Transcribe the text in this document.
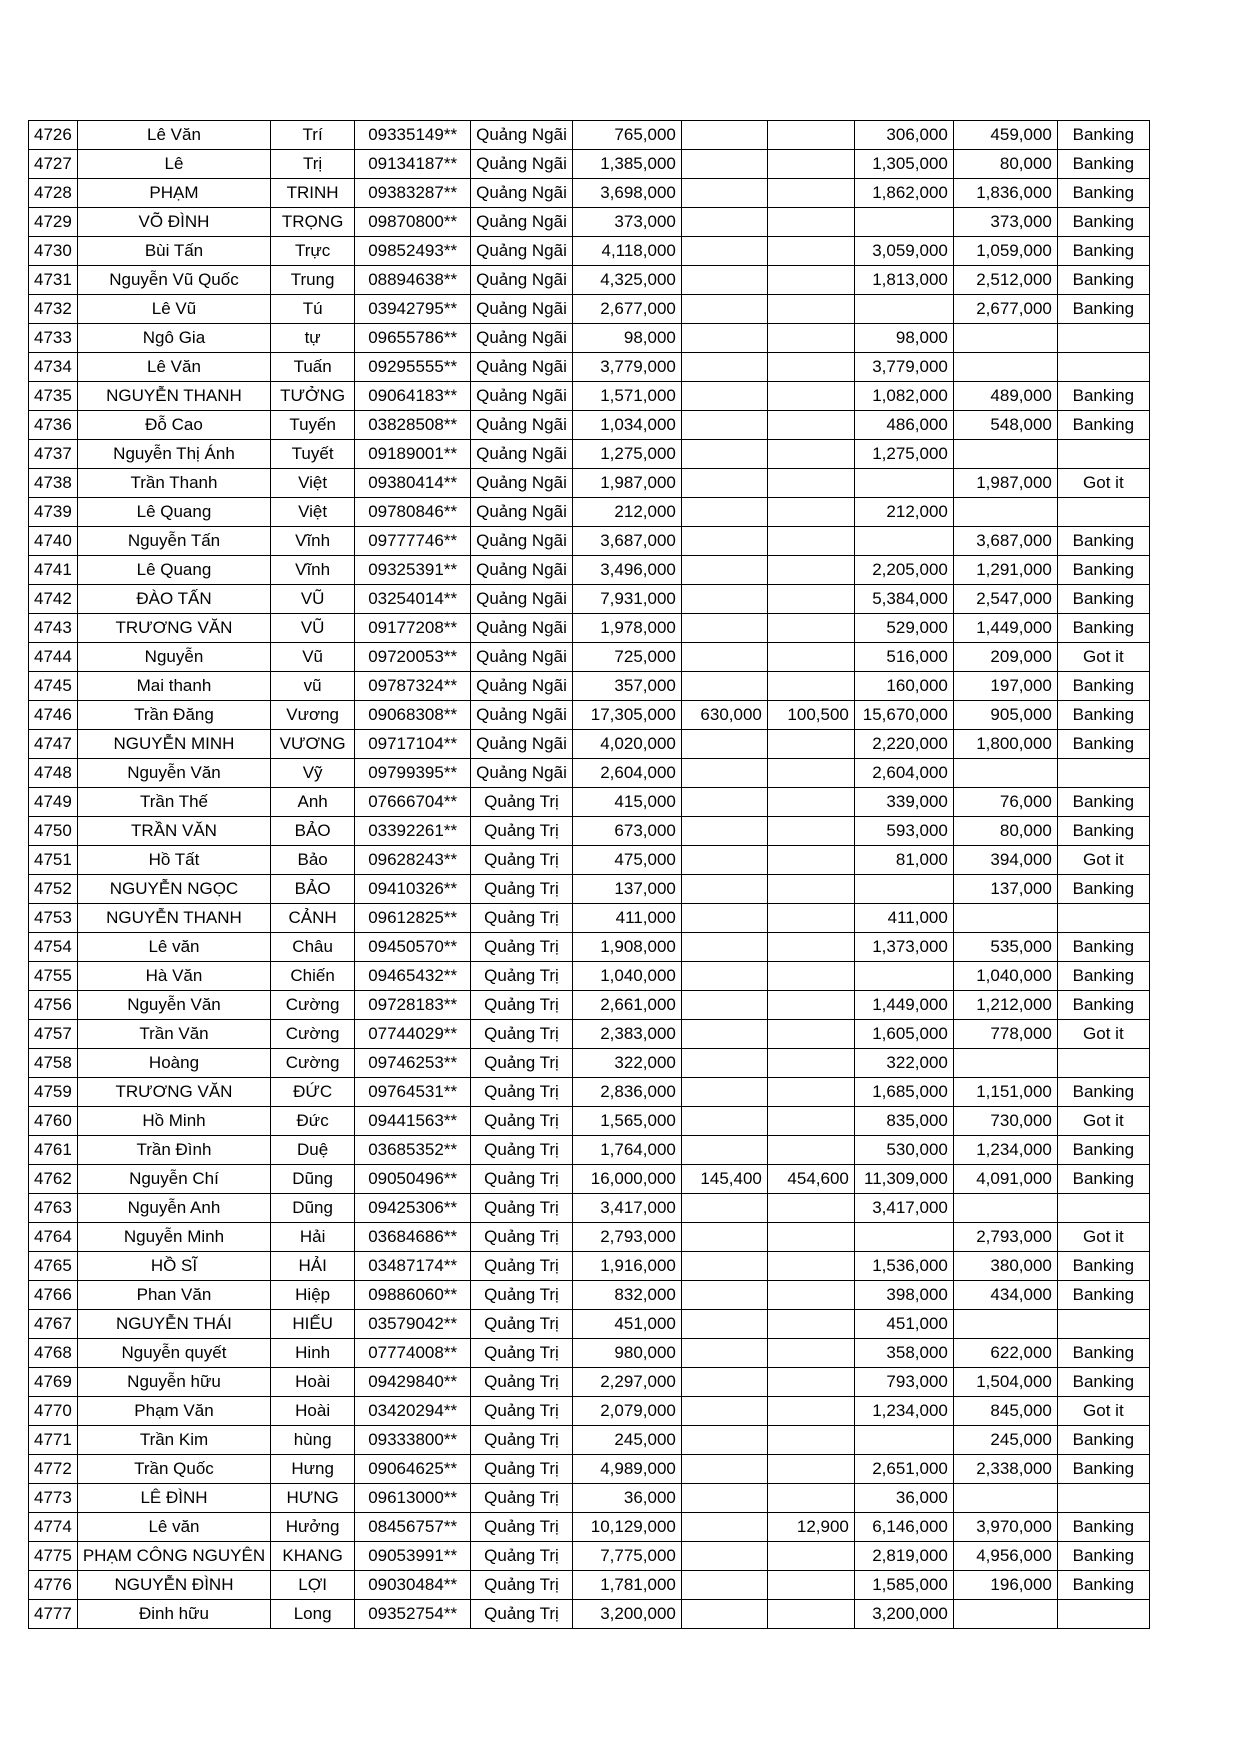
4726	Lê Văn	Trí	09335149**	Quảng Ngãi	765,000			306,000	459,000	Banking
4727	Lê	Trị	09134187**	Quảng Ngãi	1,385,000			1,305,000	80,000	Banking
4728	PHẠM	TRINH	09383287**	Quảng Ngãi	3,698,000			1,862,000	1,836,000	Banking
4729	VÕ ĐÌNH	TRỌNG	09870800**	Quảng Ngãi	373,000				373,000	Banking
4730	Bùi Tấn	Trực	09852493**	Quảng Ngãi	4,118,000			3,059,000	1,059,000	Banking
4731	Nguyễn Vũ Quốc	Trung	08894638**	Quảng Ngãi	4,325,000			1,813,000	2,512,000	Banking
4732	Lê Vũ	Tú	03942795**	Quảng Ngãi	2,677,000				2,677,000	Banking
4733	Ngô Gia	tự	09655786**	Quảng Ngãi	98,000			98,000		
4734	Lê Văn	Tuấn	09295555**	Quảng Ngãi	3,779,000			3,779,000		
4735	NGUYỄN THANH	TƯỞNG	09064183**	Quảng Ngãi	1,571,000			1,082,000	489,000	Banking
4736	Đỗ Cao	Tuyến	03828508**	Quảng Ngãi	1,034,000			486,000	548,000	Banking
4737	Nguyễn Thị Ánh	Tuyết	09189001**	Quảng Ngãi	1,275,000			1,275,000		
4738	Trần Thanh	Việt	09380414**	Quảng Ngãi	1,987,000				1,987,000	Got it
4739	Lê Quang	Việt	09780846**	Quảng Ngãi	212,000			212,000		
4740	Nguyễn Tấn	Vĩnh	09777746**	Quảng Ngãi	3,687,000				3,687,000	Banking
4741	Lê Quang	Vĩnh	09325391**	Quảng Ngãi	3,496,000			2,205,000	1,291,000	Banking
4742	ĐÀO TẤN	VŨ	03254014**	Quảng Ngãi	7,931,000			5,384,000	2,547,000	Banking
4743	TRƯƠNG VĂN	VŨ	09177208**	Quảng Ngãi	1,978,000			529,000	1,449,000	Banking
4744	Nguyễn	Vũ	09720053**	Quảng Ngãi	725,000			516,000	209,000	Got it
4745	Mai thanh	vũ	09787324**	Quảng Ngãi	357,000			160,000	197,000	Banking
4746	Trần Đăng	Vương	09068308**	Quảng Ngãi	17,305,000	630,000	100,500	15,670,000	905,000	Banking
4747	NGUYỄN MINH	VƯƠNG	09717104**	Quảng Ngãi	4,020,000			2,220,000	1,800,000	Banking
4748	Nguyễn Văn	Vỹ	09799395**	Quảng Ngãi	2,604,000			2,604,000		
4749	Trần Thế	Anh	07666704**	Quảng Trị	415,000			339,000	76,000	Banking
4750	TRẦN VĂN	BẢO	03392261**	Quảng Trị	673,000			593,000	80,000	Banking
4751	Hồ Tất	Bảo	09628243**	Quảng Trị	475,000			81,000	394,000	Got it
4752	NGUYỄN NGỌC	BẢO	09410326**	Quảng Trị	137,000				137,000	Banking
4753	NGUYỄN THANH	CẢNH	09612825**	Quảng Trị	411,000			411,000		
4754	Lê văn	Châu	09450570**	Quảng Trị	1,908,000			1,373,000	535,000	Banking
4755	Hà Văn	Chiến	09465432**	Quảng Trị	1,040,000				1,040,000	Banking
4756	Nguyễn Văn	Cường	09728183**	Quảng Trị	2,661,000			1,449,000	1,212,000	Banking
4757	Trần Văn	Cường	07744029**	Quảng Trị	2,383,000			1,605,000	778,000	Got it
4758	Hoàng	Cường	09746253**	Quảng Trị	322,000			322,000		
4759	TRƯƠNG VĂN	ĐỨC	09764531**	Quảng Trị	2,836,000			1,685,000	1,151,000	Banking
4760	Hồ Minh	Đức	09441563**	Quảng Trị	1,565,000			835,000	730,000	Got it
4761	Trần Đình	Duệ	03685352**	Quảng Trị	1,764,000			530,000	1,234,000	Banking
4762	Nguyễn Chí	Dũng	09050496**	Quảng Trị	16,000,000	145,400	454,600	11,309,000	4,091,000	Banking
4763	Nguyễn Anh	Dũng	09425306**	Quảng Trị	3,417,000			3,417,000		
4764	Nguyễn Minh	Hải	03684686**	Quảng Trị	2,793,000				2,793,000	Got it
4765	HỒ SĨ	HẢI	03487174**	Quảng Trị	1,916,000			1,536,000	380,000	Banking
4766	Phan Văn	Hiệp	09886060**	Quảng Trị	832,000			398,000	434,000	Banking
4767	NGUYỄN THÁI	HIẾU	03579042**	Quảng Trị	451,000			451,000		
4768	Nguyễn quyết	Hinh	07774008**	Quảng Trị	980,000			358,000	622,000	Banking
4769	Nguyễn hữu	Hoài	09429840**	Quảng Trị	2,297,000			793,000	1,504,000	Banking
4770	Phạm Văn	Hoài	03420294**	Quảng Trị	2,079,000			1,234,000	845,000	Got it
4771	Trần Kim	hùng	09333800**	Quảng Trị	245,000				245,000	Banking
4772	Trần Quốc	Hưng	09064625**	Quảng Trị	4,989,000			2,651,000	2,338,000	Banking
4773	LÊ ĐÌNH	HƯNG	09613000**	Quảng Trị	36,000			36,000		
4774	Lê văn	Hưởng	08456757**	Quảng Trị	10,129,000		12,900	6,146,000	3,970,000	Banking
4775	PHẠM CÔNG NGUYÊN	KHANG	09053991**	Quảng Trị	7,775,000			2,819,000	4,956,000	Banking
4776	NGUYỄN ĐÌNH	LỢI	09030484**	Quảng Trị	1,781,000			1,585,000	196,000	Banking
4777	Đinh hữu	Long	09352754**	Quảng Trị	3,200,000			3,200,000		
